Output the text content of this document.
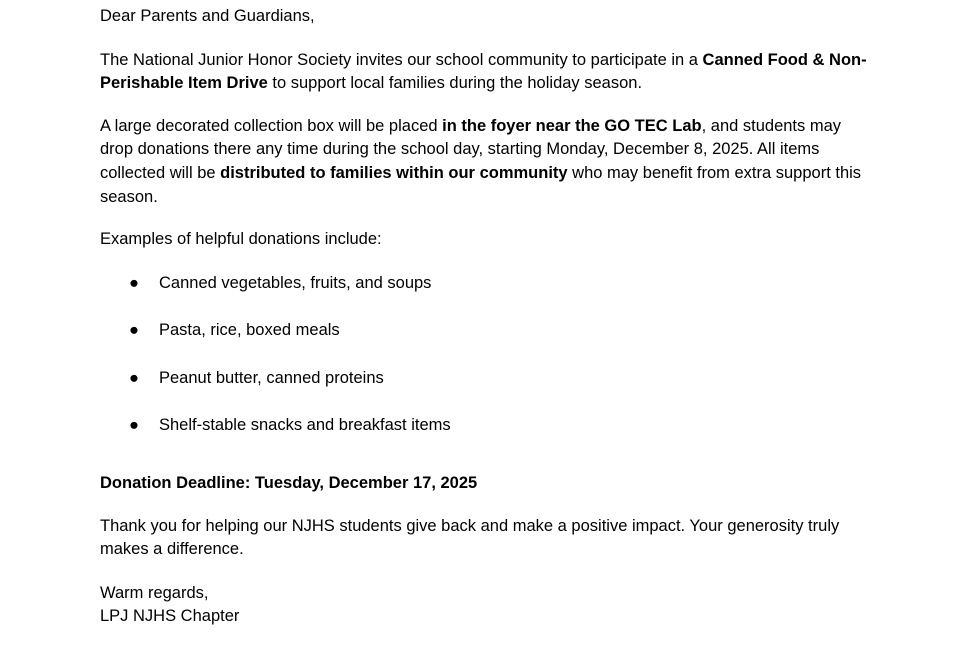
Dear Parents and Guardians,

The National Junior Honor Society invites our school community to participate in a Canned Food & Non-Perishable Item Drive to support local families during the holiday season.

A large decorated collection box will be placed in the foyer near the GO TEC Lab, and students may drop donations there any time during the school day, starting Monday, December 8, 2025. All items collected will be distributed to families within our community who may benefit from extra support this season.

Examples of helpful donations include:

● Canned vegetables, fruits, and soups
● Pasta, rice, boxed meals
● Peanut butter, canned proteins
● Shelf-stable snacks and breakfast items

Donation Deadline: Tuesday, December 17, 2025

Thank you for helping our NJHS students give back and make a positive impact. Your generosity truly makes a difference.

Warm regards,

LPJ NJHS Chapter
